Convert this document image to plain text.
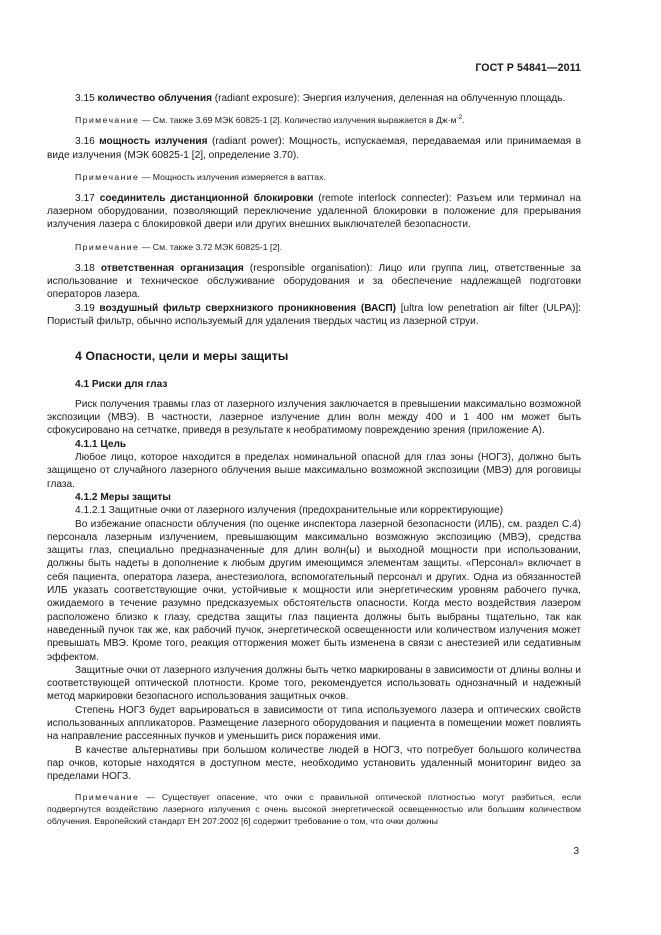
ГОСТ Р 54841—2011

3.15 количество облучения (radiant exposure): Энергия излучения, деленная на облученную площадь.

Примечание — См. также 3.69 МЭК 60825-1 [2]. Количество излучения выражается в $Дж\cdot м^{-2}$.

3.16 мощность излучения (radiant power): Мощность, испускаемая, передаваемая или принимаемая в виде излучения (МЭК 60825-1 [2], определение 3.70).

Примечание — Мощность излучения измеряется в ваттах.

3.17 соединитель дистанционной блокировки (remote interlock connecter): Разъем или терминал на лазерном оборудовании, позволяющий переключение удаленной блокировки в положение для прерывания излучения лазера с блокировкой двери или других внешних выключателей безопасности.

Примечание — См. также 3.72 МЭК 60825-1 [2].

3.18 ответственная организация (responsible organisation): Лицо или группа лиц, ответственные за использование и техническое обслуживание оборудования и за обеспечение надлежащей подготовки операторов лазера.

3.19 воздушный фильтр сверхнизкого проникновения (ВАСП) [ultra low penetration air filter (ULPA)]: Пористый фильтр, обычно используемый для удаления твердых частиц из лазерной струи.

4 Опасности, цели и меры защиты
4.1 Риски для глаз

Риск получения травмы глаз от лазерного излучения заключается в превышении максимально возможной экспозиции (МВЭ). В частности, лазерное излучение длин волн между 400 и 1 400 нм может быть сфокусировано на сетчатке, приведя в результате к необратимому повреждению зрения (приложение А).

4.1.1 Цель

Любое лицо, которое находится в пределах номинальной опасной для глаз зоны (НОГЗ), должно быть защищено от случайного лазерного облучения выше максимально возможной экспозиции (МВЭ) для роговицы глаза.

4.1.2 Меры защиты

4.1.2.1 Защитные очки от лазерного излучения (предохранительные или корректирующие)

Во избежание опасности облучения (по оценке инспектора лазерной безопасности (ИЛБ), см. раздел С.4) персонала лазерным излучением, превышающим максимально возможную экспозицию (МВЭ), средства защиты глаз, специально предназначенные для длин волн(ы) и выходной мощности при использовании, должны быть надеты в дополнение к любым другим имеющимся элементам защиты. «Персонал» включает в себя пациента, оператора лазера, анестезиолога, вспомогательный персонал и других. Одна из обязанностей ИЛБ указать соответствующие очки, устойчивые к мощности или энергетическим уровням рабочего пучка, ожидаемого в течение разумно предсказуемых обстоятельств опасности. Когда место воздействия лазером расположено близко к глазу, средства защиты глаз пациента должны быть выбраны тщательно, так как наведенный пучок так же, как рабочий пучок, энергетической освещенности или количеством излучения может превышать МВЭ. Кроме того, реакция отторжения может быть изменена в связи с анестезией или седативным эффектом.

Защитные очки от лазерного излучения должны быть четко маркированы в зависимости от длины волны и соответствующей оптической плотности. Кроме того, рекомендуется использовать однозначный и надежный метод маркировки безопасного использования защитных очков.

Степень НОГЗ будет варьироваться в зависимости от типа используемого лазера и оптических свойств использованных аппликаторов. Размещение лазерного оборудования и пациента в помещении может повлиять на направление рассеянных пучков и уменьшить риск поражения ими.

В качестве альтернативы при большом количестве людей в НОГЗ, что потребует большого количества пар очков, которые находятся в доступном месте, необходимо установить удаленный мониторинг видео за пределами НОГЗ.

Примечание — Существует опасение, что очки с правильной оптической плотностью могут разбиться, если подвергнутся воздействию лазерного излучения с очень высокой энергетической освещенностью или большим количеством облучения. Европейский стандарт ЕН 207:2002 [6] содержит требование о том, что очки должны

3
